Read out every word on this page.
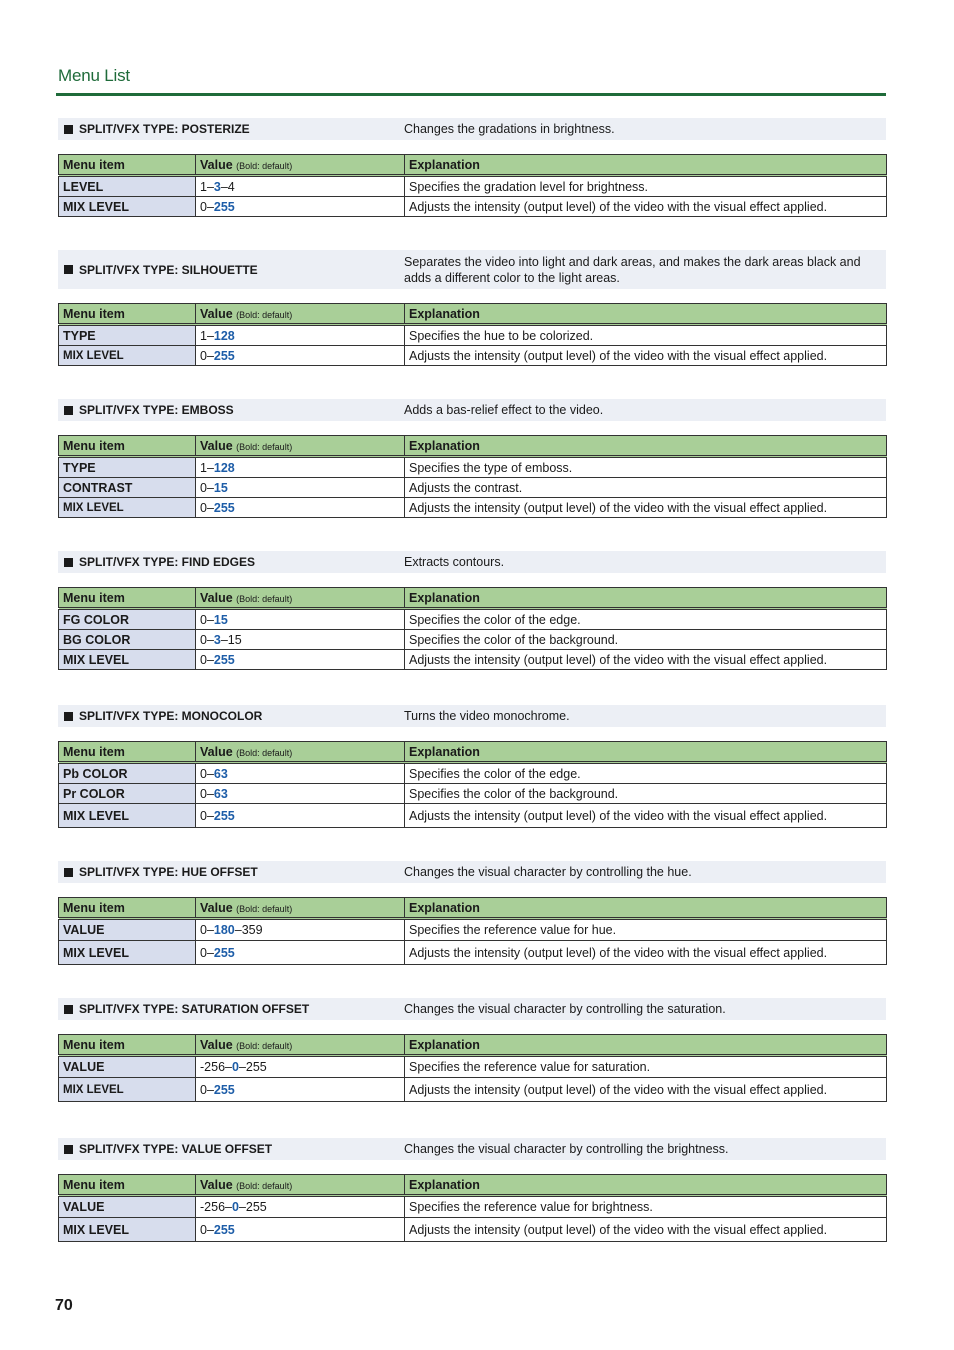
Menu List
SPLIT/VFX TYPE: POSTERIZE	Changes the gradations in brightness.
Menu item	Value (Bold: default)	Explanation
LEVEL	1–3–4	Specifies the gradation level for brightness.
MIX LEVEL	0–255	Adjusts the intensity (output level) of the video with the visual effect applied.
SPLIT/VFX TYPE: SILHOUETTE
Separates the video into light and dark areas, and makes the dark areas black and adds a different color to the light areas.
Menu item	Value (Bold: default)	Explanation
TYPE	1–128	Specifies the hue to be colorized.
MIX LEVEL	0–255	Adjusts the intensity (output level) of the video with the visual effect applied.
SPLIT/VFX TYPE: EMBOSS	Adds a bas-relief effect to the video.
Menu item	Value (Bold: default)	Explanation
TYPE	1–128	Specifies the type of emboss.
CONTRAST	0–15	Adjusts the contrast.
MIX LEVEL	0–255	Adjusts the intensity (output level) of the video with the visual effect applied.
SPLIT/VFX TYPE: FIND EDGES	Extracts contours.
Menu item	Value (Bold: default)	Explanation
FG COLOR	0–15	Specifies the color of the edge.
BG COLOR	0–3–15	Specifies the color of the background.
MIX LEVEL	0–255	Adjusts the intensity (output level) of the video with the visual effect applied.
SPLIT/VFX TYPE: MONOCOLOR	Turns the video monochrome.
Menu item	Value (Bold: default)	Explanation
Pb COLOR	0–63	Specifies the color of the edge.
Pr COLOR	0–63	Specifies the color of the background.
MIX LEVEL	0–255	Adjusts the intensity (output level) of the video with the visual effect applied.
SPLIT/VFX TYPE: HUE OFFSET	Changes the visual character by controlling the hue.
Menu item	Value (Bold: default)	Explanation
VALUE	0–180–359	Specifies the reference value for hue.
MIX LEVEL	0–255	Adjusts the intensity (output level) of the video with the visual effect applied.
SPLIT/VFX TYPE: SATURATION OFFSET	Changes the visual character by controlling the saturation.
Menu item	Value (Bold: default)	Explanation
VALUE	-256–0–255	Specifies the reference value for saturation.
MIX LEVEL	0–255	Adjusts the intensity (output level) of the video with the visual effect applied.
SPLIT/VFX TYPE: VALUE OFFSET	Changes the visual character by controlling the brightness.
Menu item	Value (Bold: default)	Explanation
VALUE	-256–0–255	Specifies the reference value for brightness.
MIX LEVEL	0–255	Adjusts the intensity (output level) of the video with the visual effect applied.
70
